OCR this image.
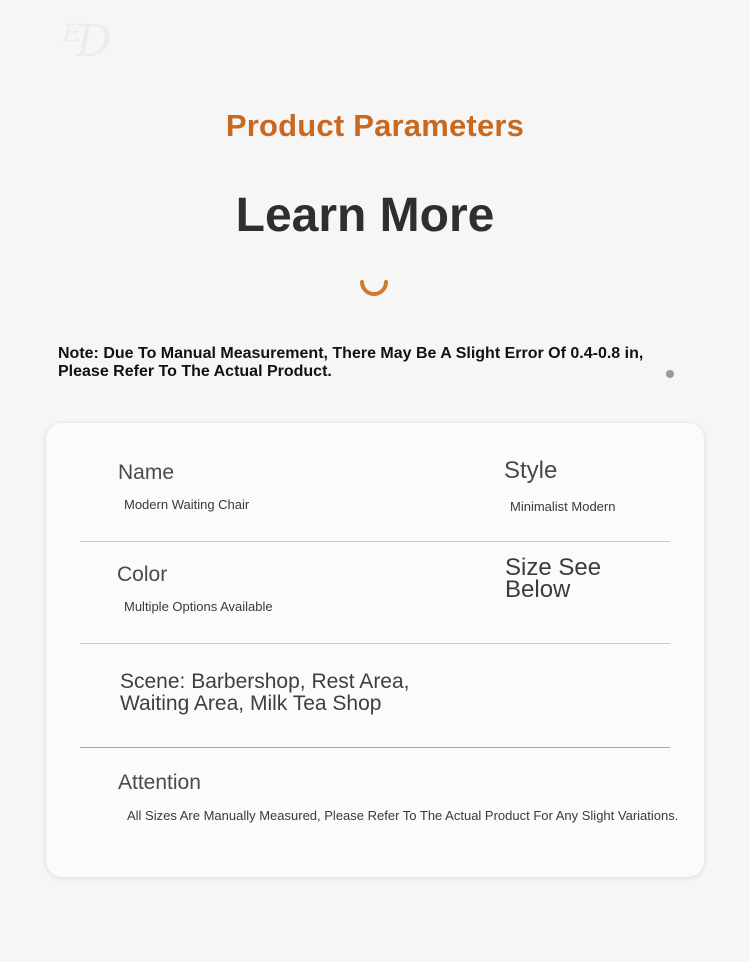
ᴱD
Product Parameters
Learn More
Note: Due To Manual Measurement, There May Be A Slight Error Of 0.4-0.8 in, Please Refer To The Actual Product.
Name
Modern Waiting Chair
Style
Minimalist Modern
Color
Multiple Options Available
Size See Below
Scene: Barbershop, Rest Area, Waiting Area, Milk Tea Shop
Attention
All Sizes Are Manually Measured, Please Refer To The Actual Product For Any Slight Variations.
